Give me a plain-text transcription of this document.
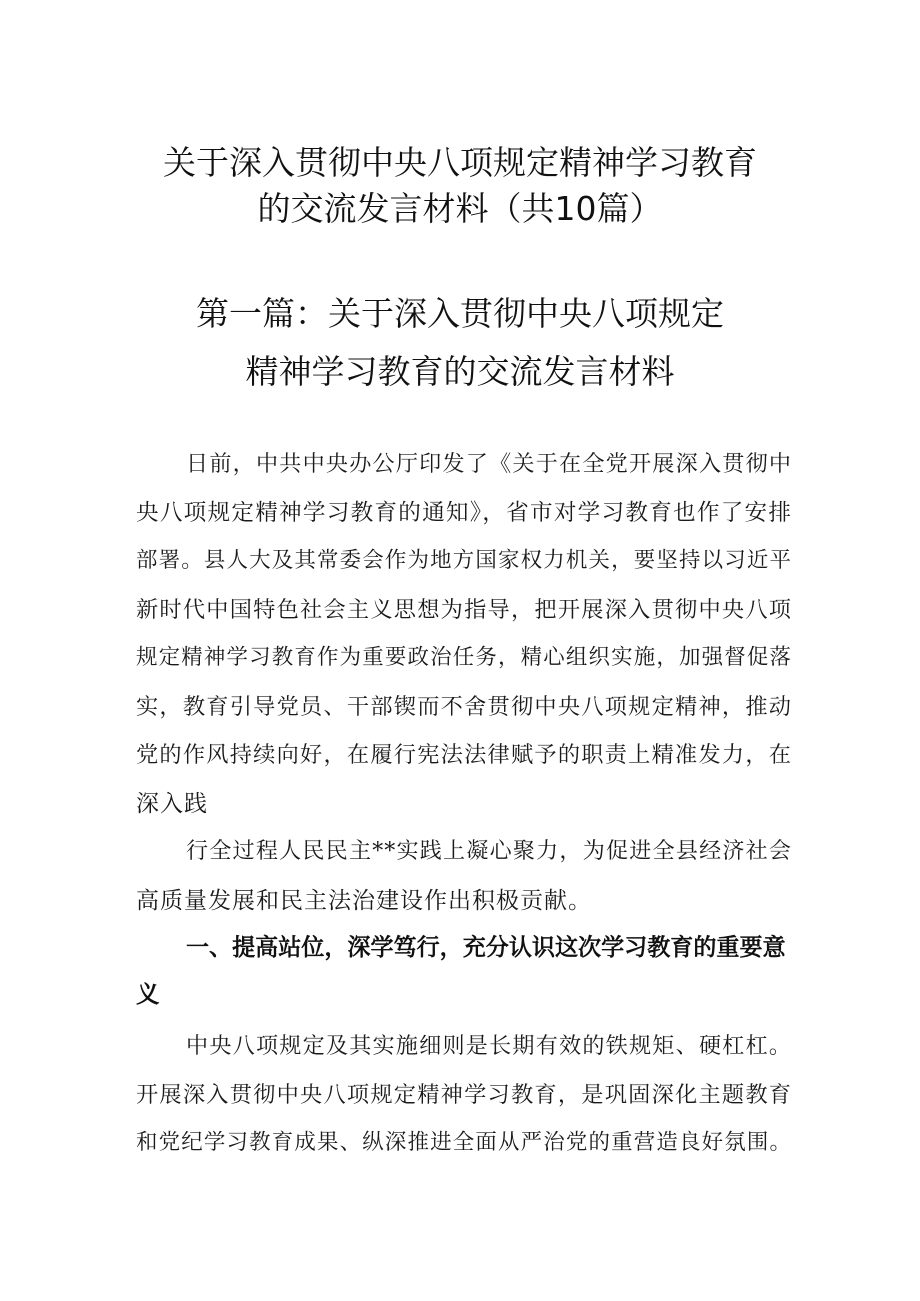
关于深入贯彻中央八项规定精神学习教育
的交流发言材料（共10篇）
第一篇：关于深入贯彻中央八项规定
精神学习教育的交流发言材料

日前，中共中央办公厅印发了《关于在全党开展深入贯彻中
央八项规定精神学习教育的通知》，省市对学习教育也作了安排
部署。县人大及其常委会作为地方国家权力机关，要坚持以习近平
新时代中国特色社会主义思想为指导，把开展深入贯彻中央八项
规定精神学习教育作为重要政治任务，精心组织实施，加强督促落
实，教育引导党员、干部锲而不舍贯彻中央八项规定精神，推动
党的作风持续向好，在履行宪法法律赋予的职责上精准发力，在
深入践

行全过程人民民主**实践上凝心聚力，为促进全县经济社会
高质量发展和民主法治建设作出积极贡献。

一、提高站位，深学笃行，充分认识这次学习教育的重要意
义

中央八项规定及其实施细则是长期有效的铁规矩、硬杠杠。
开展深入贯彻中央八项规定精神学习教育，是巩固深化主题教育
和党纪学习教育成果、纵深推进全面从严治党的重营造良好氛围。
